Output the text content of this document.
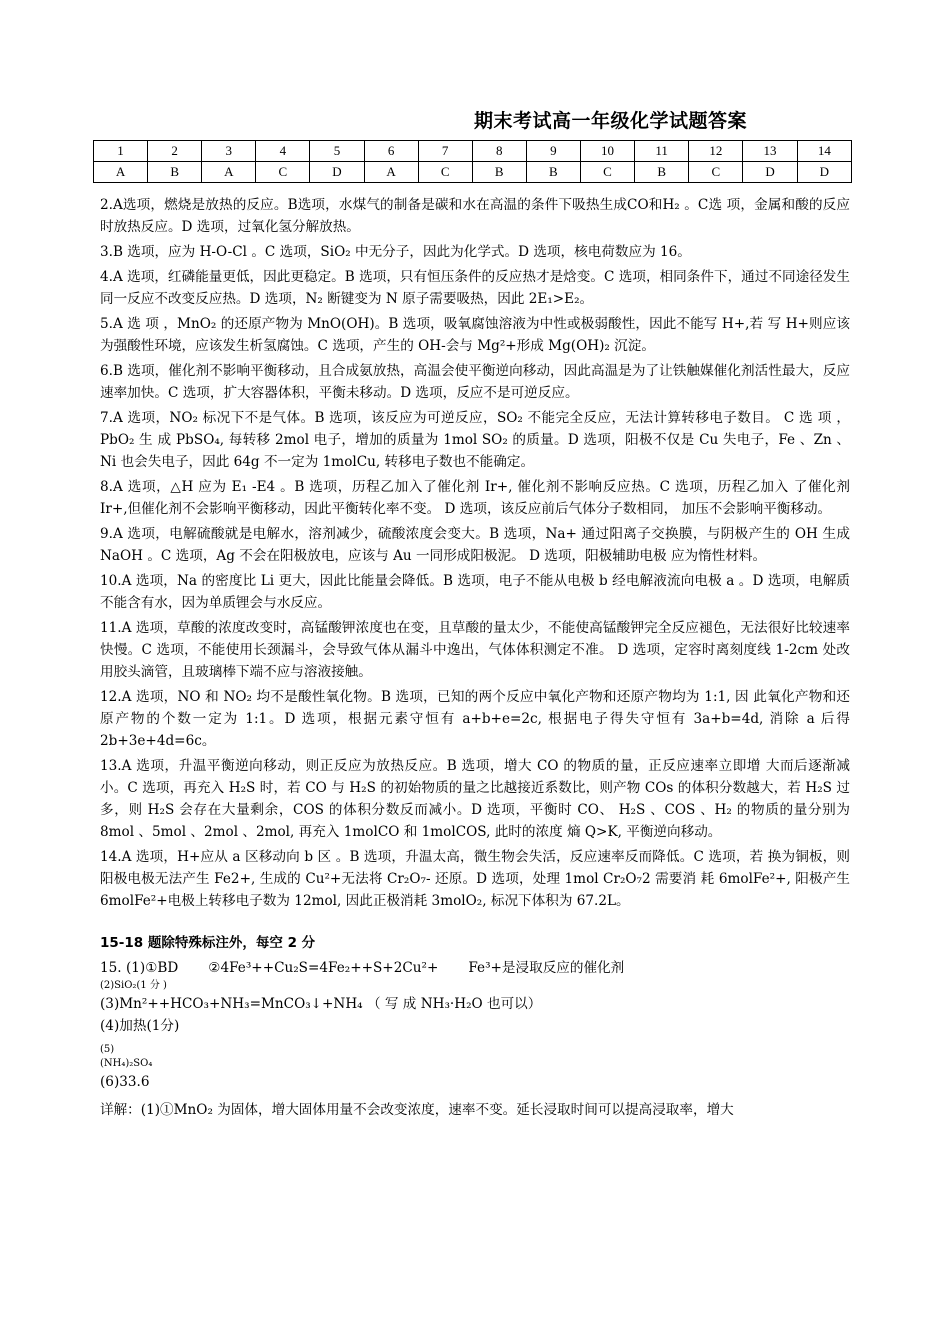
期末考试高一年级化学试题答案
1	2	3	4	5	6	7	8	9	10	11	12	13	14
A	B	A	C	D	A	C	B	B	C	B	C	D	D

2.A选项，燃烧是放热的反应。B选项，水煤气的制备是碳和水在高温的条件下吸热生成CO和H₂ 。C选 项，金属和酸的反应时放热反应。D 选项，过氧化氢分解放热。

3.B 选项，应为 H-O-Cl 。C 选项，SiO₂ 中无分子，因此为化学式。D 选项，核电荷数应为 16。

4.A 选项，红磷能量更低，因此更稳定。B 选项，只有恒压条件的反应热才是焓变。C 选项，相同条件下，通过不同途径发生同一反应不改变反应热。D 选项，N₂ 断键变为 N 原子需要吸热，因此 2E₁>E₂。

5.A 选 项 ，MnO₂ 的还原产物为 MnO(OH)。B 选项，吸氧腐蚀溶液为中性或极弱酸性，因此不能写 H+,若 写 H+则应该为强酸性环境，应该发生析氢腐蚀。C 选项，产生的 OH-会与 Mg²+形成 Mg(OH)₂ 沉淀。

6.B 选项，催化剂不影响平衡移动，且合成氨放热，高温会使平衡逆向移动，因此高温是为了让铁触媒催化剂活性最大，反应速率加快。C 选项，扩大容器体积，平衡未移动。D 选项，反应不是可逆反应。

7.A 选项，NO₂ 标况下不是气体。B 选项，该反应为可逆反应，SO₂ 不能完全反应，无法计算转移电子数目。 C 选 项 ，PbO₂ 生 成 PbSO₄, 每转移 2mol 电子，增加的质量为 1mol SO₂ 的质量。D 选项，阳极不仅是 Cu 失电子，Fe 、Zn 、Ni 也会失电子，因此 64g 不一定为 1molCu, 转移电子数也不能确定。

8.A 选项，△H 应为 E₁ -E4 。B 选项，历程乙加入了催化剂 Ir+, 催化剂不影响反应热。C 选项，历程乙加入 了催化剂 Ir+,但催化剂不会影响平衡移动，因此平衡转化率不变。 D 选项，该反应前后气体分子数相同， 加压不会影响平衡移动。

9.A 选项，电解硫酸就是电解水，溶剂减少，硫酸浓度会变大。B 选项，Na+ 通过阳离子交换膜，与阴极产生的 OH 生成 NaOH 。C 选项，Ag 不会在阳极放电，应该与 Au 一同形成阳极泥。 D 选项，阳极辅助电极 应为惰性材料。

10.A 选项，Na 的密度比 Li 更大，因此比能量会降低。B 选项，电子不能从电极 b 经电解液流向电极 a 。D 选项，电解质不能含有水，因为单质锂会与水反应。

11.A 选项，草酸的浓度改变时，高锰酸钾浓度也在变，且草酸的量太少，不能使高锰酸钾完全反应褪色，无法很好比较速率快慢。C 选项，不能使用长颈漏斗，会导致气体从漏斗中逸出，气体体积测定不准。 D 选项，定容时离刻度线 1-2cm 处改用胶头滴管，且玻璃棒下端不应与溶液接触。

12.A 选项，NO 和 NO₂ 均不是酸性氧化物。B 选项，已知的两个反应中氧化产物和还原产物均为 1:1, 因 此氧化产物和还原产物的个数一定为 1:1。D 选项，根据元素守恒有 a+b+e=2c, 根据电子得失守恒有 3a+b=4d, 消除 a 后得 2b+3e+4d=6c。

13.A 选项，升温平衡逆向移动，则正反应为放热反应。B 选项，增大 CO 的物质的量，正反应速率立即增 大而后逐渐减小。C 选项，再充入 H₂S 时，若 CO 与 H₂S 的初始物质的量之比越接近系数比，则产物 COs 的体积分数越大，若 H₂S 过多，则 H₂S 会存在大量剩余，COS 的体积分数反而减小。D 选项，平衡时 CO、 H₂S 、COS 、H₂ 的物质的量分别为 8mol 、5mol 、2mol 、2mol, 再充入 1molCO 和 1molCOS, 此时的浓度 熵 Q>K, 平衡逆向移动。

14.A 选项，H+应从 a 区移动向 b 区 。B 选项，升温太高，微生物会失活，反应速率反而降低。C 选项，若 换为铜板，则阳极电极无法产生 Fe2+, 生成的 Cu²+无法将 Cr₂O₇- 还原。D 选项，处理 1mol Cr₂O₇2 需要消 耗 6molFe²+, 阳极产生 6molFe²+电极上转移电子数为 12mol, 因此正极消耗 3molO₂, 标况下体积为 67.2L。

15-18 题除特殊标注外，每空 2 分

15. (1)①BD ②4Fe³++Cu₂S=4Fe₂++S+2Cu²+ Fe³+是浸取反应的催化剂

(2)SiO₂(1 分 )

(3)Mn²++HCO₃+NH₃=MnCO₃↓+NH₄ （ 写 成 NH₃·H₂O 也可以）

(4)加热(1分)

(5)

(NH₄)₂SO₄

(6)33.6

详解：(1)①MnO₂ 为固体，增大固体用量不会改变浓度，速率不变。延长浸取时间可以提高浸取率，增大
